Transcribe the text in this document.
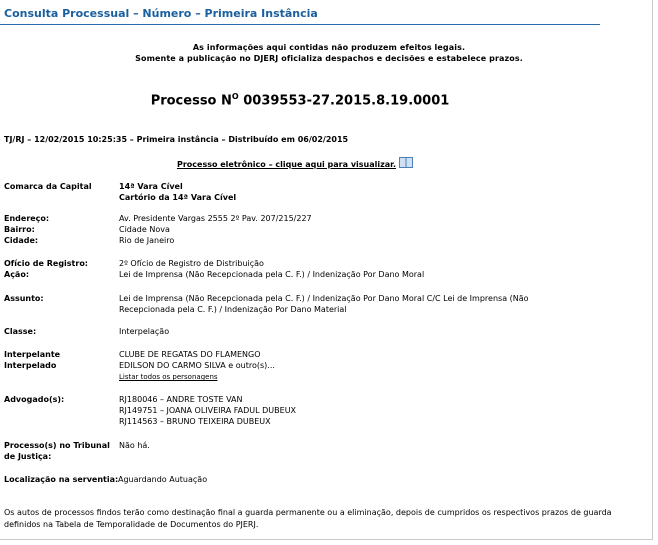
Consulta Processual – Número – Primeira Instância
As informações aqui contidas não produzem efeitos legais.
Somente a publicação no DJERJ oficializa despachos e decisões e estabelece prazos.
Processo $N^O$ 0039553-27.2015.8.19.0001
TJ/RJ – 12/02/2015 10:25:35 – Primeira instância – Distribuído em 06/02/2015
Processo eletrônico – clique aqui para visualizar.
Comarca da Capital	14ª Vara Cível
Cartório da 14ª Vara Cível
Endereço:	Av. Presidente Vargas 2555 2º Pav. 207/215/227
Bairro:	Cidade Nova
Cidade:	Rio de Janeiro
Ofício de Registro:	2º Ofício de Registro de Distribuição
Ação:	Lei de Imprensa (Não Recepcionada pela C. F.) / Indenização Por Dano Moral
Assunto:	Lei de Imprensa (Não Recepcionada pela C. F.) / Indenização Por Dano Moral C/C Lei de Imprensa (Não
Recepcionada pela C. F.) / Indenização Por Dano Material
Classe:	Interpelação
Interpelante	CLUBE DE REGATAS DO FLAMENGO
Interpelado	EDILSON DO CARMO SILVA e outro(s)...
Listar todos os personagens
Advogado(s):	RJ180046 – ANDRE TOSTE VAN
RJ149751 – JOANA OLIVEIRA FADUL DUBEUX
RJ114563 – BRUNO TEIXEIRA DUBEUX
Processo(s) no Tribunal
de Justiça:
Não há.
Localização na serventia: Aguardando Autuação
Os autos de processos findos terão como destinação final a guarda permanente ou a eliminação, depois de cumpridos os respectivos prazos de guarda definidos na Tabela de Temporalidade de Documentos do PJERJ.
